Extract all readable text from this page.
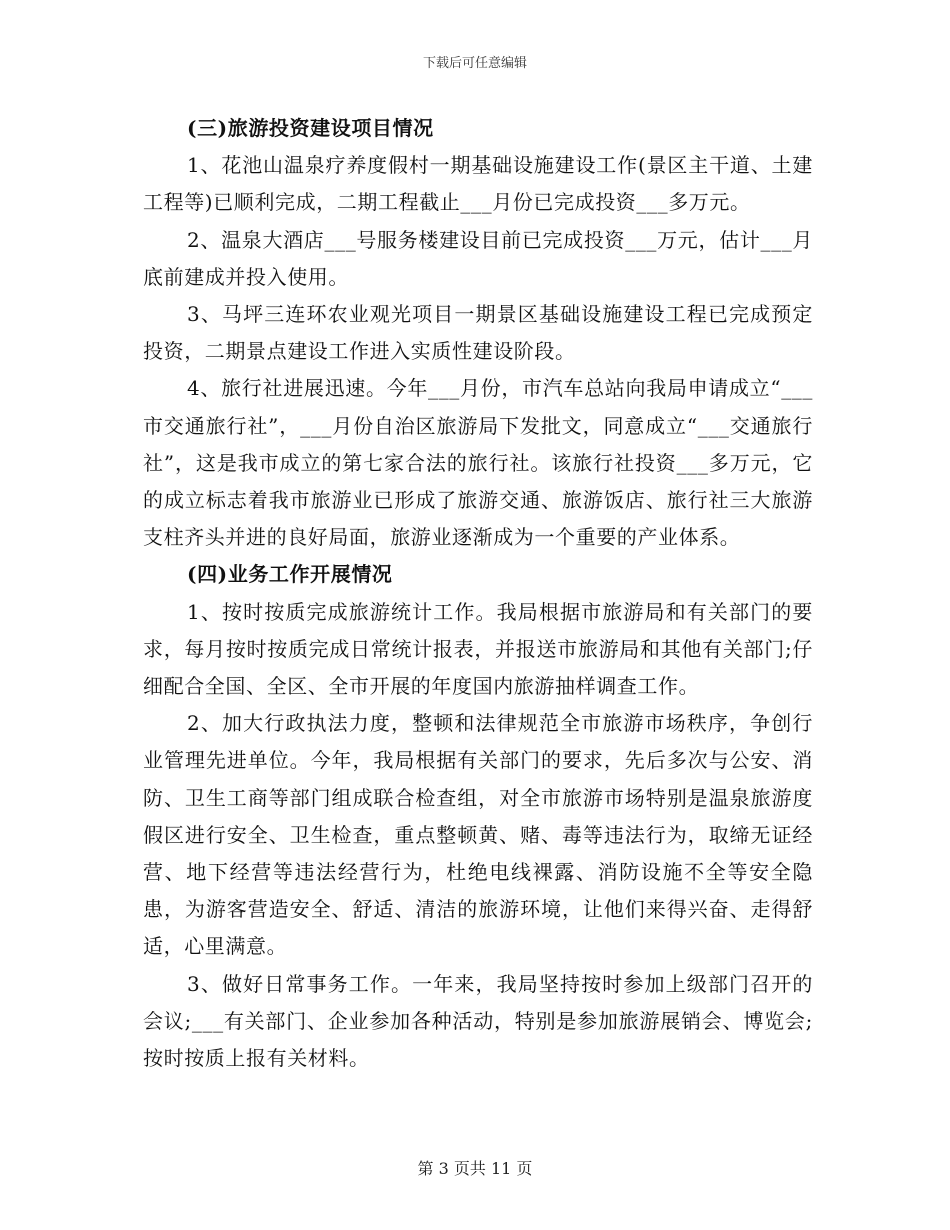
下载后可任意编辑

(三)旅游投资建设项目情况

1、花池山温泉疗养度假村一期基础设施建设工作(景区主干道、土建工程等)已顺利完成，二期工程截止___月份已完成投资___多万元。

2、温泉大酒店___号服务楼建设目前已完成投资___万元，估计___月底前建成并投入使用。

3、马坪三连环农业观光项目一期景区基础设施建设工程已完成预定投资，二期景点建设工作进入实质性建设阶段。

4、旅行社进展迅速。今年___月份，市汽车总站向我局申请成立“___市交通旅行社”，___月份自治区旅游局下发批文，同意成立“___交通旅行社”，这是我市成立的第七家合法的旅行社。该旅行社投资___多万元，它的成立标志着我市旅游业已形成了旅游交通、旅游饭店、旅行社三大旅游支柱齐头并进的良好局面，旅游业逐渐成为一个重要的产业体系。

(四)业务工作开展情况

1、按时按质完成旅游统计工作。我局根据市旅游局和有关部门的要求，每月按时按质完成日常统计报表，并报送市旅游局和其他有关部门;仔细配合全国、全区、全市开展的年度国内旅游抽样调查工作。

2、加大行政执法力度，整顿和法律规范全市旅游市场秩序，争创行业管理先进单位。今年，我局根据有关部门的要求，先后多次与公安、消防、卫生工商等部门组成联合检查组，对全市旅游市场特别是温泉旅游度假区进行安全、卫生检查，重点整顿黄、赌、毒等违法行为，取缔无证经营、地下经营等违法经营行为，杜绝电线裸露、消防设施不全等安全隐患，为游客营造安全、舒适、清洁的旅游环境，让他们来得兴奋、走得舒适，心里满意。

3、做好日常事务工作。一年来，我局坚持按时参加上级部门召开的会议;___有关部门、企业参加各种活动，特别是参加旅游展销会、博览会;按时按质上报有关材料。

第 3 页共 11 页
